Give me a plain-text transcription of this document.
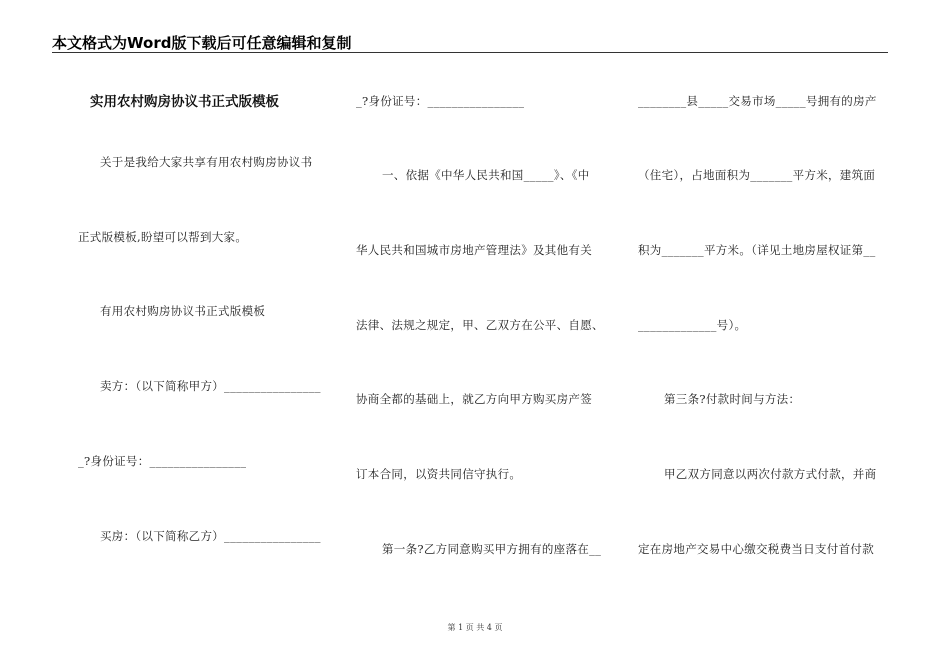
本文格式为Word版下载后可任意编辑和复制
实用农村购房协议书正式版模板
关于是我给大家共享有用农村购房协议书
正式版模板,盼望可以帮到大家。
有用农村购房协议书正式版模板
卖方：（以下简称甲方）________________
_?身份证号：________________
买房：（以下简称乙方）________________
_?身份证号：________________
一、依据《中华人民共和国_____》、《中
华人民共和国城市房地产管理法》及其他有关
法律、法规之规定，甲、乙双方在公平、自愿、
协商全都的基础上，就乙方向甲方购买房产签
订本合同，以资共同信守执行。
第一条?乙方同意购买甲方拥有的座落在__
________县_____交易市场_____号拥有的房产
（住宅），占地面积为_______平方米，建筑面
积为_______平方米。（详见土地房屋权证第__
_____________号）。
第三条?付款时间与方法：
甲乙双方同意以两次付款方式付款，并商
定在房地产交易中心缴交税费当日支付首付款
第 1 页 共 4 页
